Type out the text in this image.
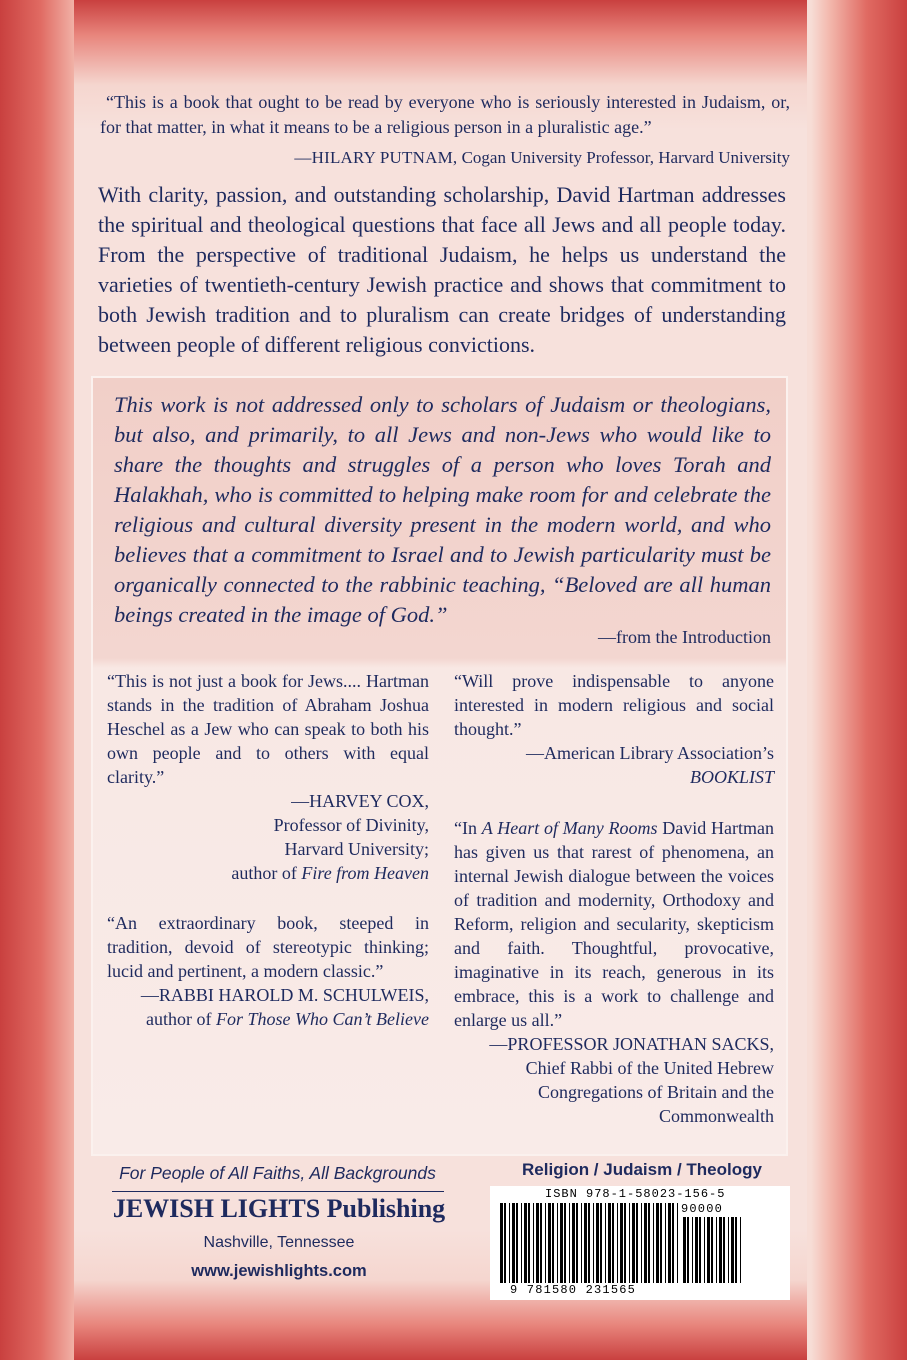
“This is a book that ought to be read by everyone who is seriously interested in Judaism, or, for that matter, in what it means to be a religious person in a pluralistic age.”
—HILARY PUTNAM, Cogan University Professor, Harvard University

With clarity, passion, and outstanding scholarship, David Hartman addresses the spiritual and theological questions that face all Jews and all people today. From the perspective of traditional Judaism, he helps us understand the varieties of twentieth-century Jewish practice and shows that commitment to both Jewish tradition and to pluralism can create bridges of understanding between people of different religious convictions.

This work is not addressed only to scholars of Judaism or theologians, but also, and primarily, to all Jews and non-Jews who would like to share the thoughts and struggles of a person who loves Torah and Halakhah, who is committed to helping make room for and celebrate the religious and cultural diversity present in the modern world, and who believes that a commitment to Israel and to Jewish particularity must be organically connected to the rabbinic teaching, “Beloved are all human beings created in the image of God.”
—from the Introduction
“This is not just a book for Jews.... Hartman stands in the tradition of Abraham Joshua Heschel as a Jew who can speak to both his own people and to others with equal clarity.”
—HARVEY COX,
Professor of Divinity,
Harvard University;
author of Fire from Heaven
“An extraordinary book, steeped in tradition, devoid of stereotypic thinking; lucid and pertinent, a modern classic.”
—RABBI HAROLD M. SCHULWEIS,
author of For Those Who Can’t Believe
“Will prove indispensable to anyone interested in modern religious and social thought.”
—American Library Association’s
BOOKLIST
“In A Heart of Many Rooms David Hartman has given us that rarest of phenomena, an internal Jewish dialogue between the voices of tradition and modernity, Orthodoxy and Reform, religion and secularity, skepticism and faith. Thoughtful, provocative, imaginative in its reach, generous in its embrace, this is a work to challenge and enlarge us all.”
—PROFESSOR JONATHAN SACKS,
Chief Rabbi of the United Hebrew
Congregations of Britain and the
Commonwealth
For People of All Faiths, All Backgrounds
JEWISH LIGHTS Publishing
Nashville, Tennessee
www.jewishlights.com
Religion / Judaism / Theology
ISBN 978-1-58023-156-5
90000
9 781580 231565
